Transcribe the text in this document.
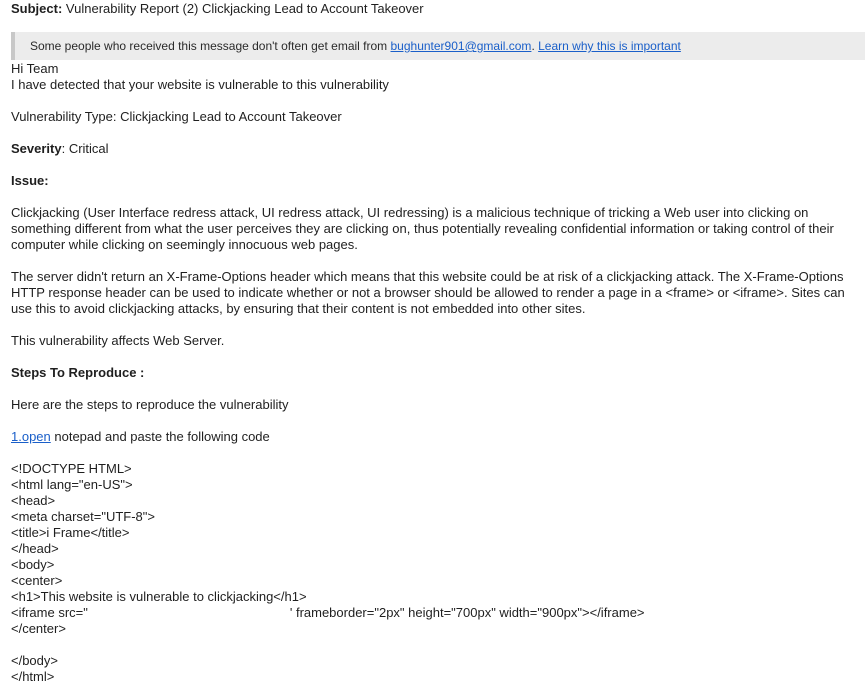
Subject: Vulnerability Report (2) Clickjacking Lead to Account Takeover
Some people who received this message don't often get email from bughunter901@gmail.com. Learn why this is important

Hi Team

I have detected that your website is vulnerable to this vulnerability

Vulnerability Type: Clickjacking Lead to Account Takeover

Severity: Critical

Issue:

Clickjacking (User Interface redress attack, UI redress attack, UI redressing) is a malicious technique of tricking a Web user into clicking on something different from what the user perceives they are clicking on, thus potentially revealing confidential information or taking control of their computer while clicking on seemingly innocuous web pages.

The server didn't return an X-Frame-Options header which means that this website could be at risk of a clickjacking attack. The X-Frame-Options HTTP response header can be used to indicate whether or not a browser should be allowed to render a page in a <frame> or <iframe>. Sites can use this to avoid clickjacking attacks, by ensuring that their content is not embedded into other sites.

This vulnerability affects Web Server.

Steps To Reproduce :

Here are the steps to reproduce the vulnerability

1.open notepad and paste the following code

<!DOCTYPE HTML>

<html lang="en-US">

<head>

<meta charset="UTF-8">

<title>i Frame</title>

</head>

<body>

<center>

<h1>This website is vulnerable to clickjacking</h1>

<iframe src="	' frameborder="2px" height="700px" width="900px"></iframe>

</center>

</body>

</html>
